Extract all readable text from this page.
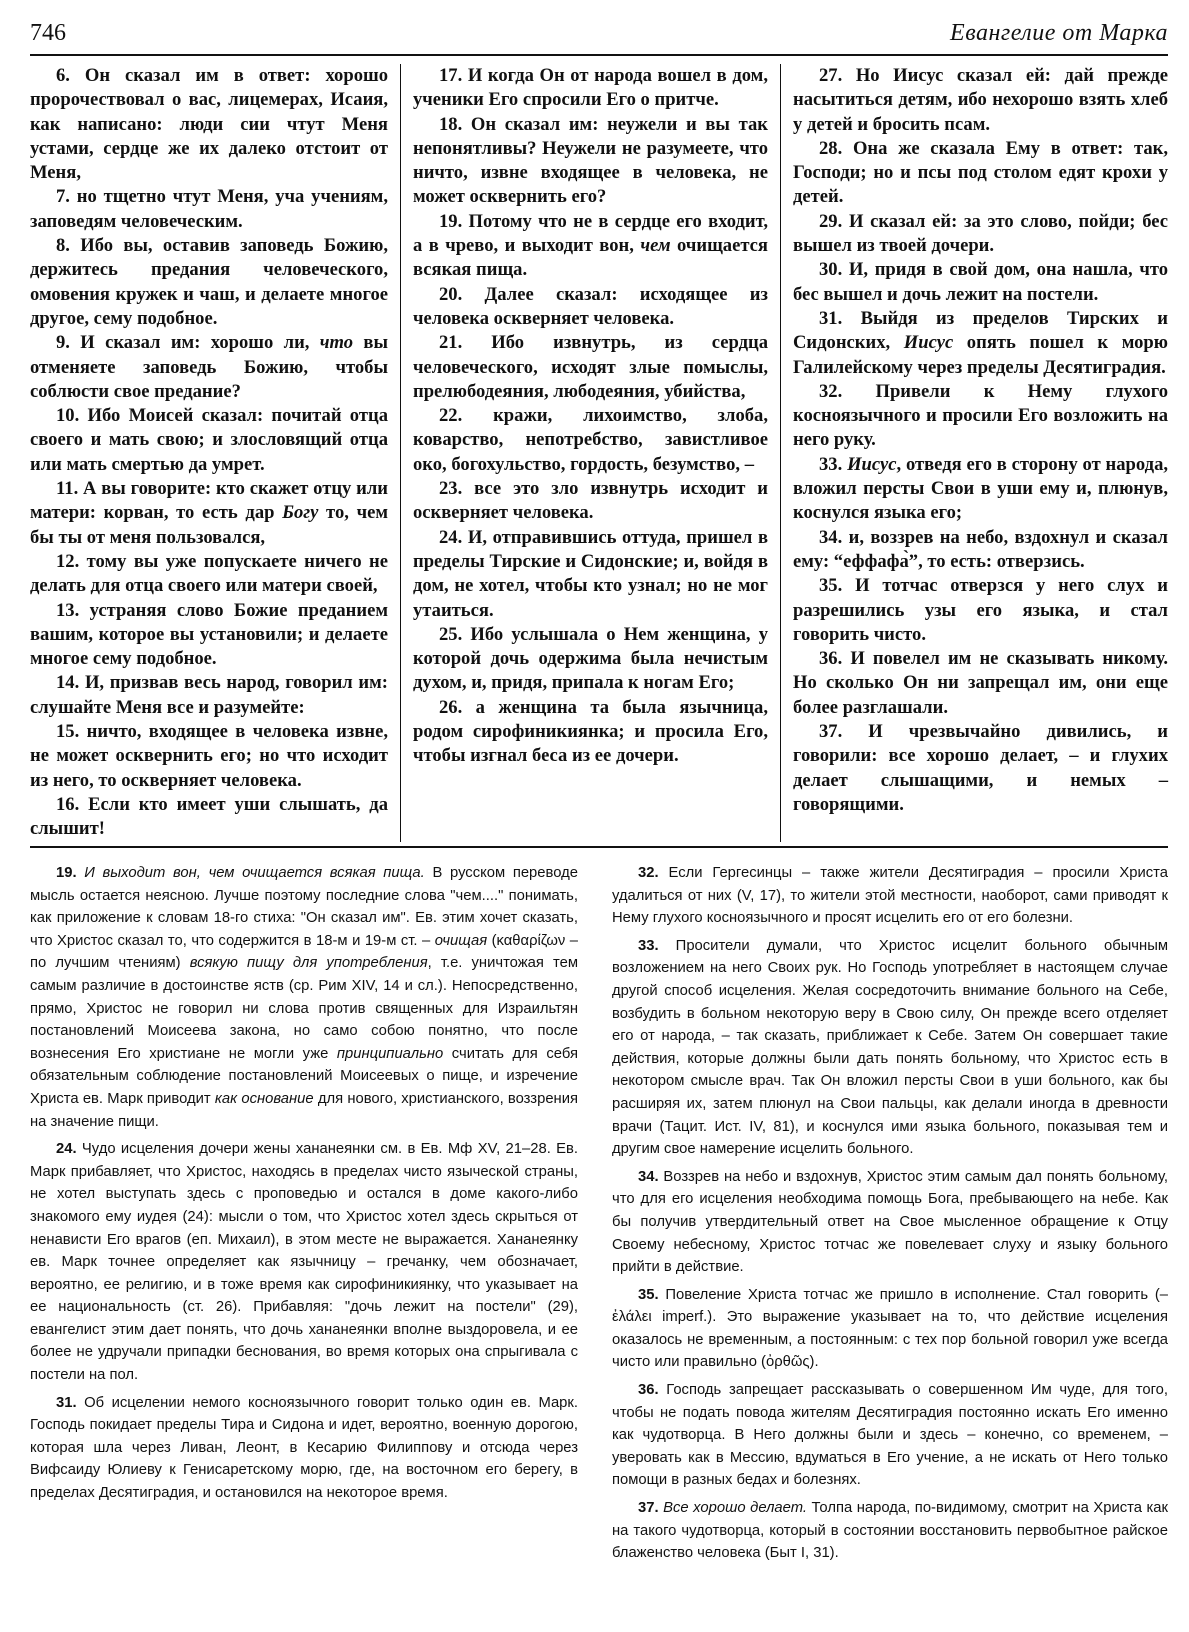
746	Евангелие от Марка

6. Он сказал им в ответ: хорошо пророчествовал о вас, лицемерах, Исаия, как написано: люди сии чтут Меня устами, сердце же их далеко отстоит от Меня,

7. но тщетно чтут Меня, уча учениям, заповедям человеческим.

8. Ибо вы, оставив заповедь Божию, держитесь предания человеческого, омовения кружек и чаш, и делаете многое другое, сему подобное.

9. И сказал им: хорошо ли, что вы отменяете заповедь Божию, чтобы соблюсти свое предание?

10. Ибо Моисей сказал: почитай отца своего и мать свою; и злословящий отца или мать смертью да умрет.

11. А вы говорите: кто скажет отцу или матери: корван, то есть дар Богу то, чем бы ты от меня пользовался,

12. тому вы уже попускаете ничего не делать для отца своего или матери своей,

13. устраняя слово Божие преданием вашим, которое вы установили; и делаете многое сему подобное.

14. И, призвав весь народ, говорил им: слушайте Меня все и разумейте:

15. ничто, входящее в человека извне, не может осквернить его; но что исходит из него, то оскверняет человека.

16. Если кто имеет уши слышать, да слышит!

17. И когда Он от народа вошел в дом, ученики Его спросили Его о притче.

18. Он сказал им: неужели и вы так непонятливы? Неужели не разумеете, что ничто, извне входящее в человека, не может осквернить его?

19. Потому что не в сердце его входит, а в чрево, и выходит вон, чем очищается всякая пища.

20. Далее сказал: исходящее из человека оскверняет человека.

21. Ибо извнутрь, из сердца человеческого, исходят злые помыслы, прелюбодеяния, любодеяния, убийства,

22. кражи, лихоимство, злоба, коварство, непотребство, завистливое око, богохульство, гордость, безумство, –

23. все это зло извнутрь исходит и оскверняет человека.

24. И, отправившись оттуда, пришел в пределы Тирские и Сидонские; и, войдя в дом, не хотел, чтобы кто узнал; но не мог утаиться.

25. Ибо услышала о Нем женщина, у которой дочь одержима была нечистым духом, и, придя, припала к ногам Его;

26. а женщина та была язычница, родом сирофиникиянка; и просила Его, чтобы изгнал беса из ее дочери.

27. Но Иисус сказал ей: дай прежде насытиться детям, ибо нехорошо взять хлеб у детей и бросить псам.

28. Она же сказала Ему в ответ: так, Господи; но и псы под столом едят крохи у детей.

29. И сказал ей: за это слово, пойди; бес вышел из твоей дочери.

30. И, придя в свой дом, она нашла, что бес вышел и дочь лежит на постели.

31. Выйдя из пределов Тирских и Сидонских, Иисус опять пошел к морю Галилейскому через пределы Десятиградия.

32. Привели к Нему глухого косноязычного и просили Его возложить на него руку.

33. Иисус, отведя его в сторону от народа, вложил персты Свои в уши ему и, плюнув, коснулся языка его;

34. и, воззрев на небо, вздохнул и сказал ему: “еффафа̀”, то есть: отверзись.

35. И тотчас отверзся у него слух и разрешились узы его языка, и стал говорить чисто.

36. И повелел им не сказывать никому. Но сколько Он ни запрещал им, они еще более разглашали.

37. И чрезвычайно дивились, и говорили: все хорошо делает, – и глухих делает слышащими, и немых – говорящими.

19. И выходит вон, чем очищается всякая пища. В русском переводе мысль остается неясною. Лучше поэтому последние слова "чем...." понимать, как приложение к словам 18-го стиха: "Он сказал им". Ев. этим хочет сказать, что Христос сказал то, что содержится в 18-м и 19-м ст. – очищая (καθαρίζων – по лучшим чтениям) всякую пищу для употребления, т.е. уничтожая тем самым различие в достоинстве яств (ср. Рим XIV, 14 и сл.). Непосредственно, прямо, Христос не говорил ни слова против священных для Израильтян постановлений Моисеева закона, но само собою понятно, что после вознесения Его христиане не могли уже принципиально считать для себя обязательным соблюдение постановлений Моисеевых о пище, и изречение Христа ев. Марк приводит как основание для нового, христианского, воззрения на значение пищи.

24. Чудо исцеления дочери жены хананеянки см. в Ев. Мф XV, 21–28. Ев. Марк прибавляет, что Христос, находясь в пределах чисто языческой страны, не хотел выступать здесь с проповедью и остался в доме какого-либо знакомого ему иудея (24): мысли о том, что Христос хотел здесь скрыться от ненависти Его врагов (еп. Михаил), в этом месте не выражается. Хананеянку ев. Марк точнее определяет как язычницу – гречанку, чем обозначает, вероятно, ее религию, и в тоже время как сирофиникиянку, что указывает на ее национальность (ст. 26). Прибавляя: "дочь лежит на постели" (29), евангелист этим дает понять, что дочь хананеянки вполне выздоровела, и ее более не удручали припадки беснования, во время которых она спрыгивала с постели на пол.

31. Об исцелении немого косноязычного говорит только один ев. Марк. Господь покидает пределы Тира и Сидона и идет, вероятно, военную дорогою, которая шла через Ливан, Леонт, в Кесарию Филиппову и отсюда через Вифсаиду Юлиеву к Генисаретскому морю, где, на восточном его берегу, в пределах Десятиградия, и остановился на некоторое время.

32. Если Гергесинцы – также жители Десятиградия – просили Христа удалиться от них (V, 17), то жители этой местности, наоборот, сами приводят к Нему глухого косноязычного и просят исцелить его от его болезни.

33. Просители думали, что Христос исцелит больного обычным возложением на него Своих рук. Но Господь употребляет в настоящем случае другой способ исцеления. Желая сосредоточить внимание больного на Себе, возбудить в больном некоторую веру в Свою силу, Он прежде всего отделяет его от народа, – так сказать, приближает к Себе. Затем Он совершает такие действия, которые должны были дать понять больному, что Христос есть в некотором смысле врач. Так Он вложил персты Свои в уши больного, как бы расширяя их, затем плюнул на Свои пальцы, как делали иногда в древности врачи (Тацит. Ист. IV, 81), и коснулся ими языка больного, показывая тем и другим свое намерение исцелить больного.

34. Воззрев на небо и вздохнув, Христос этим самым дал понять больному, что для его исцеления необходима помощь Бога, пребывающего на небе. Как бы получив утвердительный ответ на Свое мысленное обращение к Отцу Своему небесному, Христос тотчас же повелевает слуху и языку больного прийти в действие.

35. Повеление Христа тотчас же пришло в исполнение. Стал говорить (–ἐλάλει imperf.). Это выражение указывает на то, что действие исцеления оказалось не временным, а постоянным: с тех пор больной говорил уже всегда чисто или правильно (ὀρθῶς).

36. Господь запрещает рассказывать о совершенном Им чуде, для того, чтобы не подать повода жителям Десятиградия постоянно искать Его именно как чудотворца. В Него должны были и здесь – конечно, со временем, – уверовать как в Мессию, вдуматься в Его учение, а не искать от Него только помощи в разных бедах и болезнях.

37. Все хорошо делает. Толпа народа, по-видимому, смотрит на Христа как на такого чудотворца, который в состоянии восстановить первобытное райское блаженство человека (Быт I, 31).
